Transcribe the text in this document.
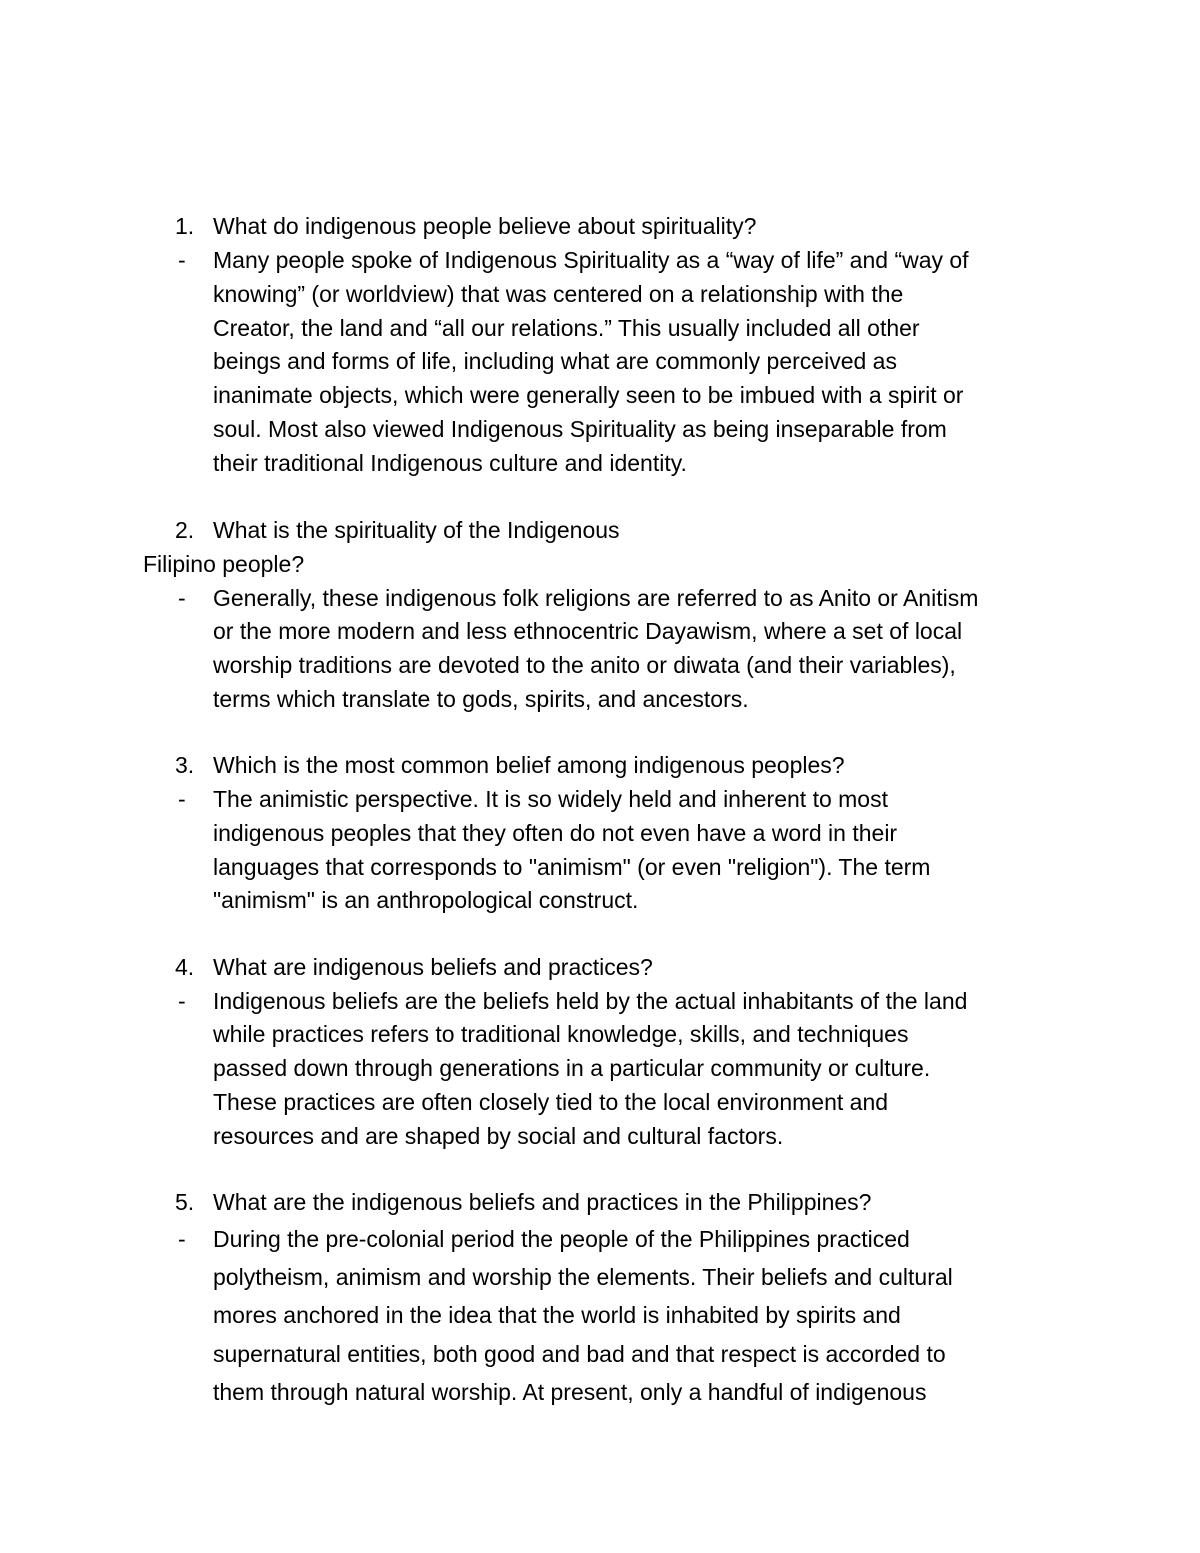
1. What do indigenous people believe about spirituality?
- Many people spoke of Indigenous Spirituality as a “way of life” and “way of
knowing” (or worldview) that was centered on a relationship with the
Creator, the land and “all our relations.” This usually included all other
beings and forms of life, including what are commonly perceived as
inanimate objects, which were generally seen to be imbued with a spirit or
soul. Most also viewed Indigenous Spirituality as being inseparable from
their traditional Indigenous culture and identity.
2. What is the spirituality of the Indigenous
Filipino people?
- Generally, these indigenous folk religions are referred to as Anito or Anitism
or the more modern and less ethnocentric Dayawism, where a set of local
worship traditions are devoted to the anito or diwata (and their variables),
terms which translate to gods, spirits, and ancestors.
3. Which is the most common belief among indigenous peoples?
- The animistic perspective. It is so widely held and inherent to most
indigenous peoples that they often do not even have a word in their
languages that corresponds to "animism" (or even "religion"). The term
"animism" is an anthropological construct.
4. What are indigenous beliefs and practices?
- Indigenous beliefs are the beliefs held by the actual inhabitants of the land
while practices refers to traditional knowledge, skills, and techniques
passed down through generations in a particular community or culture.
These practices are often closely tied to the local environment and
resources and are shaped by social and cultural factors.
5. What are the indigenous beliefs and practices in the Philippines?
- During the pre-colonial period the people of the Philippines practiced
polytheism, animism and worship the elements. Their beliefs and cultural
mores anchored in the idea that the world is inhabited by spirits and
supernatural entities, both good and bad and that respect is accorded to
them through natural worship. At present, only a handful of indigenous
